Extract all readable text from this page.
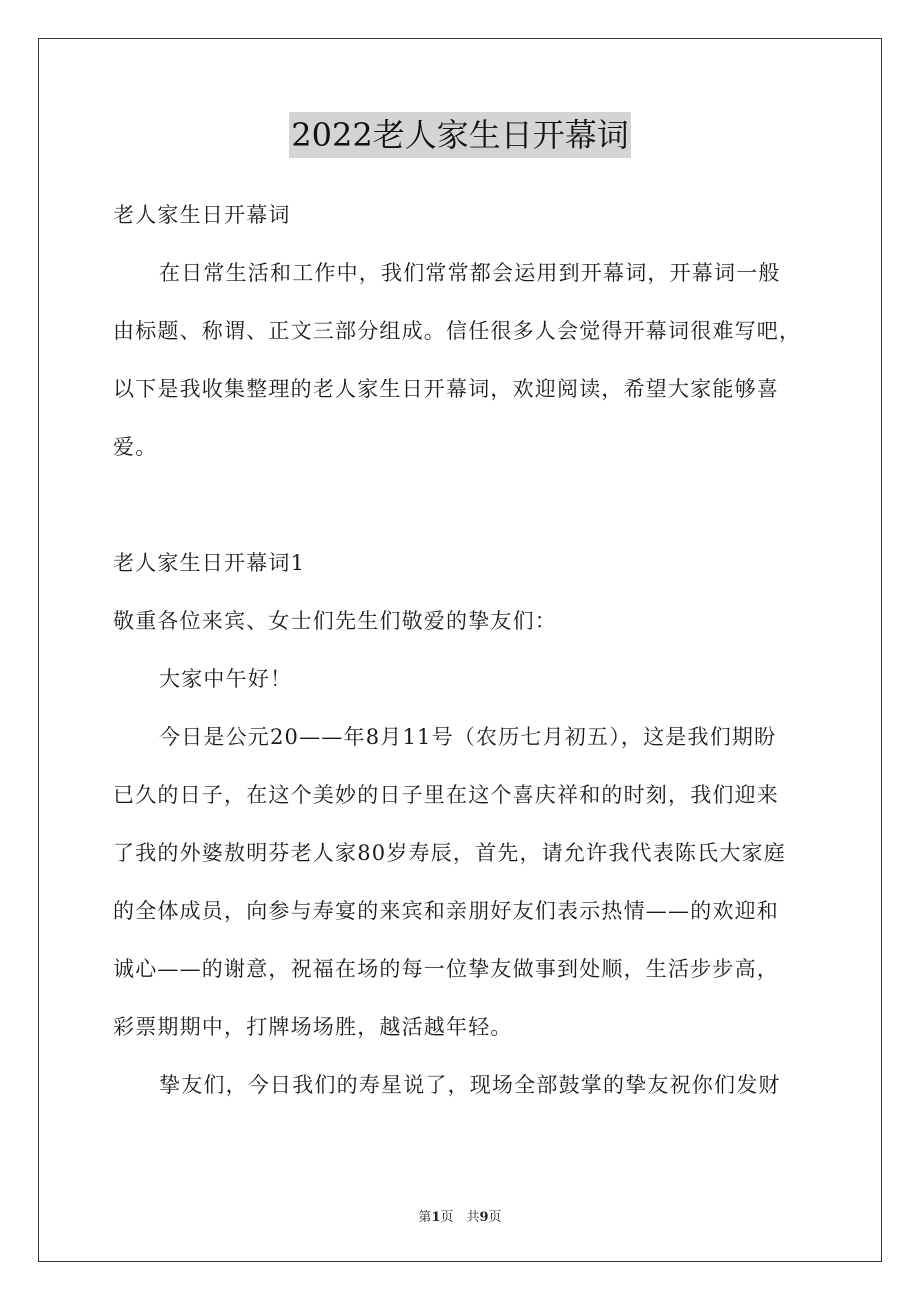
2022老人家生日开幕词
老人家生日开幕词
在日常生活和工作中，我们常常都会运用到开幕词，开幕词一般
由标题、称谓、正文三部分组成。信任很多人会觉得开幕词很难写吧，
以下是我收集整理的老人家生日开幕词，欢迎阅读，希望大家能够喜
爱。
老人家生日开幕词1
敬重各位来宾、女士们先生们敬爱的挚友们：
大家中午好！
今日是公元20——年8月11号（农历七月初五），这是我们期盼
已久的日子，在这个美妙的日子里在这个喜庆祥和的时刻，我们迎来
了我的外婆敖明芬老人家80岁寿辰，首先，请允许我代表陈氏大家庭
的全体成员，向参与寿宴的来宾和亲朋好友们表示热情——的欢迎和
诚心——的谢意，祝福在场的每一位挚友做事到处顺，生活步步高，
彩票期期中，打牌场场胜，越活越年轻。
挚友们，今日我们的寿星说了，现场全部鼓掌的挚友祝你们发财
第1页　共9页
